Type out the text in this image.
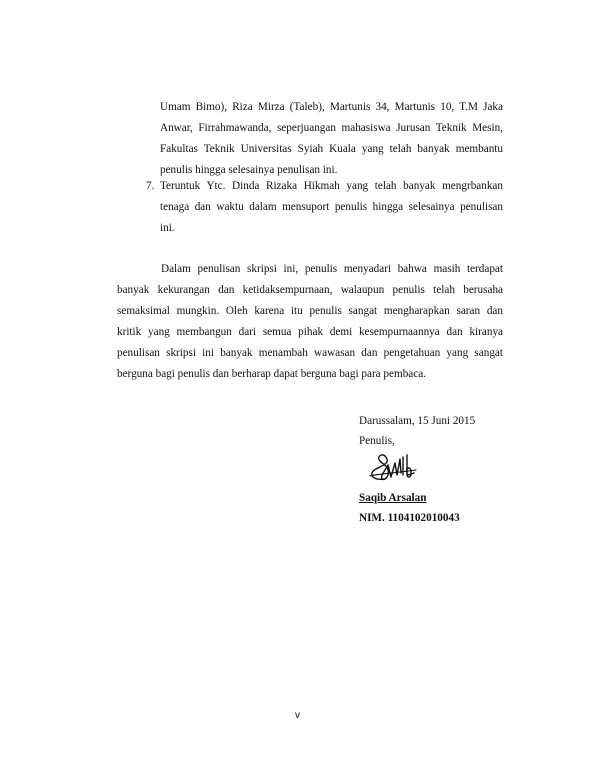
Umam Bimo), Riza Mirza (Taleb), Martunis 34, Martunis 10, T.M Jaka
Anwar, Firrahmawanda, seperjuangan mahasiswa Jurusan Teknik Mesin,
Fakultas Teknik Universitas Syiah Kuala yang telah banyak membantu
penulis hingga selesainya penulisan ini.
7. Teruntuk Ytc. Dinda Rizaka Hikmah yang telah banyak mengrbankan
tenaga dan waktu dalam mensuport penulis hingga selesainya penulisan
ini.
Dalam penulisan skripsi ini, penulis menyadari bahwa masih terdapat
banyak kekurangan dan ketidaksempurnaan, walaupun penulis telah berusaha
semaksimal mungkin. Oleh karena itu penulis sangat mengharapkan saran dan
kritik yang membangun dari semua pihak demi kesempurnaannya dan kiranya
penulisan skripsi ini banyak menambah wawasan dan pengetahuan yang sangat
berguna bagi penulis dan berharap dapat berguna bagi para pembaca.
Darussalam, 15 Juni 2015
Penulis,
Saqib Arsalan
NIM. 1104102010043
v
